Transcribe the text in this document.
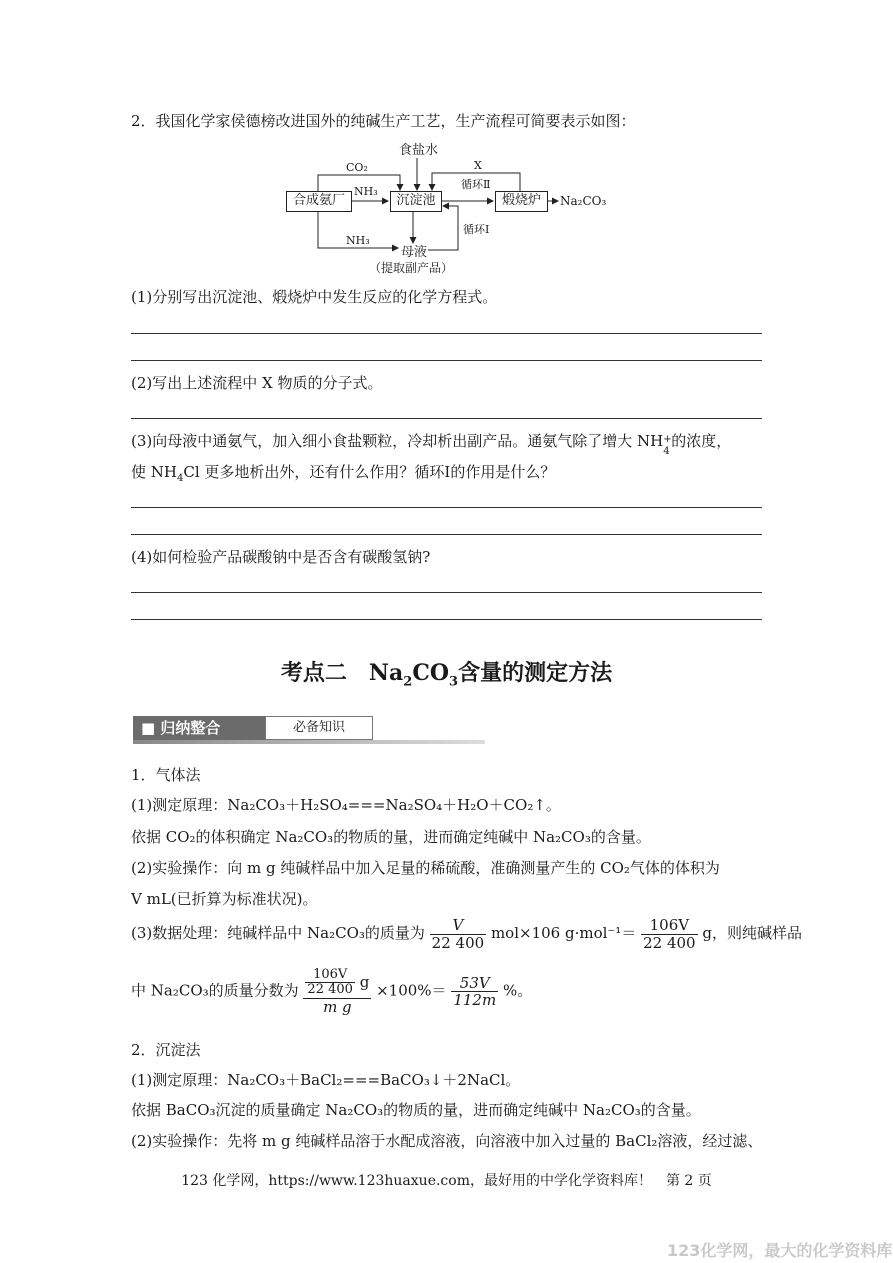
2．我国化学家侯德榜改进国外的纯碱生产工艺，生产流程可简要表示如图：
食盐水
CO₂
NH₃
X
循环Ⅱ
循环Ⅰ
NH₃
合成氨厂	沉淀池	煅烧炉	Na₂CO₃
母液
（提取副产品）
(1)分别写出沉淀池、煅烧炉中发生反应的化学方程式。
(2)写出上述流程中 X 物质的分子式。
(3)向母液中通氨气，加入细小食盐颗粒，冷却析出副产品。通氨气除了增大 NH +
4
的浓度，
使 $NH_4Cl$ 更多地析出外，还有什么作用？循环Ⅰ的作用是什么？
(4)如何检验产品碳酸钠中是否含有碳酸氢钠?
考点二　$Na_2CO_3$含量的测定方法
■ 归纳整合	必备知识
1．气体法
(1)测定原理：Na₂CO₃＋H₂SO₄===Na₂SO₄＋H₂O＋CO₂↑。
依据 CO₂的体积确定 Na₂CO₃的物质的量，进而确定纯碱中 Na₂CO₃的含量。
(2)实验操作：向 m g 纯碱样品中加入足量的稀硫酸，准确测量产生的 CO₂气体的体积为
V mL(已折算为标准状况)。
(3)数据处理：纯碱样品中 Na₂CO₃的质量为 $\frac{V}{22 400} mol\times 106$ $g\cdot mol^{-1}= \frac{106V}{22 400}$ g，则纯碱样品
中 Na₂CO₃的质量分数为 $\frac{\frac{106V}{22 400} g}{\text{m g}} \times 100\%= \frac{53V}{112m}$ %。
2．沉淀法
(1)测定原理：Na₂CO₃＋BaCl₂===BaCO₃↓＋2NaCl。
依据 BaCO₃沉淀的质量确定 Na₂CO₃的物质的量，进而确定纯碱中 Na₂CO₃的含量。
(2)实验操作：先将 m g 纯碱样品溶于水配成溶液，向溶液中加入过量的 BaCl₂溶液，经过滤、
123 化学网，https://www.123huaxue.com，最好用的中学化学资料库！　第 2 页
123化学网，最大的化学资料库
